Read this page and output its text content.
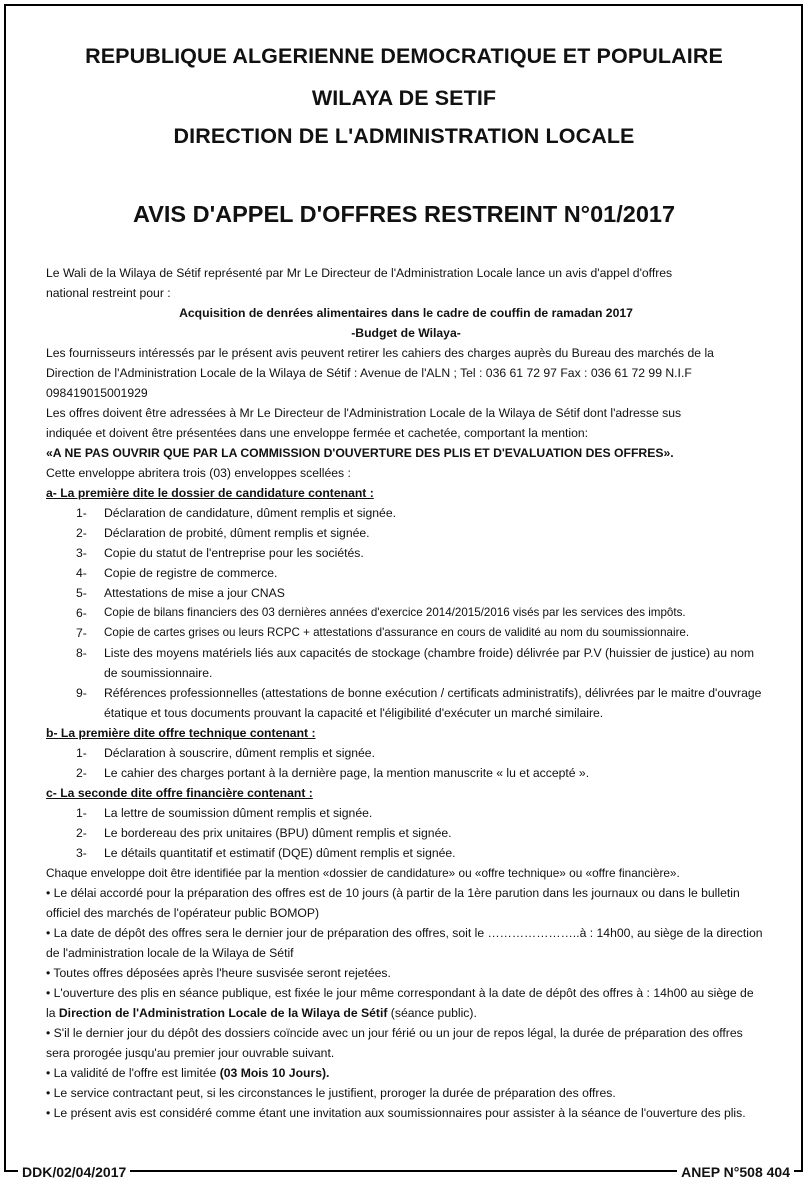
REPUBLIQUE ALGERIENNE DEMOCRATIQUE ET POPULAIRE
WILAYA DE SETIF
DIRECTION DE L'ADMINISTRATION LOCALE
AVIS D'APPEL D'OFFRES RESTREINT N°01/2017
Le Wali de la Wilaya de Sétif représenté par Mr Le Directeur de l'Administration Locale lance un avis d'appel d'offres
national restreint pour :
Acquisition de denrées alimentaires dans le cadre de couffin de ramadan 2017
-Budget de Wilaya-
Les fournisseurs intéressés par le présent avis peuvent retirer les cahiers des charges auprès du Bureau des marchés de la
Direction de l'Administration Locale de la Wilaya de Sétif : Avenue de l'ALN ; Tel : 036 61 72 97 Fax : 036 61 72 99 N.I.F
098419015001929
Les offres doivent être adressées à Mr Le Directeur de l'Administration Locale de la Wilaya de Sétif dont l'adresse sus
indiquée et doivent être présentées dans une enveloppe fermée et cachetée, comportant la mention:
«A NE PAS OUVRIR QUE PAR LA COMMISSION D'OUVERTURE DES PLIS ET D'EVALUATION DES OFFRES».
Cette enveloppe abritera trois (03) enveloppes scellées :
a- La première dite le dossier de candidature contenant :
1-	Déclaration de candidature, dûment remplis et signée.
2-	Déclaration de probité, dûment remplis et signée.
3-	Copie du statut de l'entreprise pour les sociétés.
4-	Copie de registre de commerce.
5-	Attestations de mise a jour CNAS
6-	Copie de bilans financiers des 03 dernières années d'exercice 2014/2015/2016 visés par les services des impôts.
7-	Copie de cartes grises ou leurs RCPC + attestations d'assurance en cours de validité au nom du soumissionnaire.
8-	Liste des moyens matériels liés aux capacités de stockage (chambre froide) délivrée par P.V (huissier de justice) au nom de soumissionnaire.
9-	Références professionnelles (attestations de bonne exécution / certificats administratifs), délivrées par le maitre d'ouvrage étatique et tous documents prouvant la capacité et l'éligibilité d'exécuter un marché similaire.
b- La première dite offre technique contenant :
1-	Déclaration à souscrire, dûment remplis et signée.
2-	Le cahier des charges portant à la dernière page, la mention manuscrite « lu et accepté ».
c- La seconde dite offre financière contenant :
1-	La lettre de soumission dûment remplis et signée.
2-	Le bordereau des prix unitaires (BPU) dûment remplis et signée.
3-	Le détails quantitatif et estimatif (DQE) dûment remplis et signée.
Chaque enveloppe doit être identifiée par la mention «dossier de candidature» ou «offre technique» ou «offre financière».
• Le délai accordé pour la préparation des offres est de 10 jours (à partir de la 1ère parution dans les journaux ou dans le bulletin officiel des marchés de l'opérateur public BOMOP)
• La date de dépôt des offres sera le dernier jour de préparation des offres, soit le …………………..à : 14h00, au siège de la direction de l'administration locale de la Wilaya de Sétif
• Toutes offres déposées après l'heure susvisée seront rejetées.
• L'ouverture des plis en séance publique, est fixée le jour même correspondant à la date de dépôt des offres à : 14h00 au siège de la Direction de l'Administration Locale de la Wilaya de Sétif (séance public).
• S'il le dernier jour du dépôt des dossiers coïncide avec un jour férié ou un jour de repos légal, la durée de préparation des offres sera prorogée jusqu'au premier jour ouvrable suivant.
• La validité de l'offre est limitée (03 Mois 10 Jours).
• Le service contractant peut, si les circonstances le justifient, proroger la durée de préparation des offres.
• Le présent avis est considéré comme étant une invitation aux soumissionnaires pour assister à la séance de l'ouverture des plis.
DDK/02/04/2017	ANEP N°508 404
